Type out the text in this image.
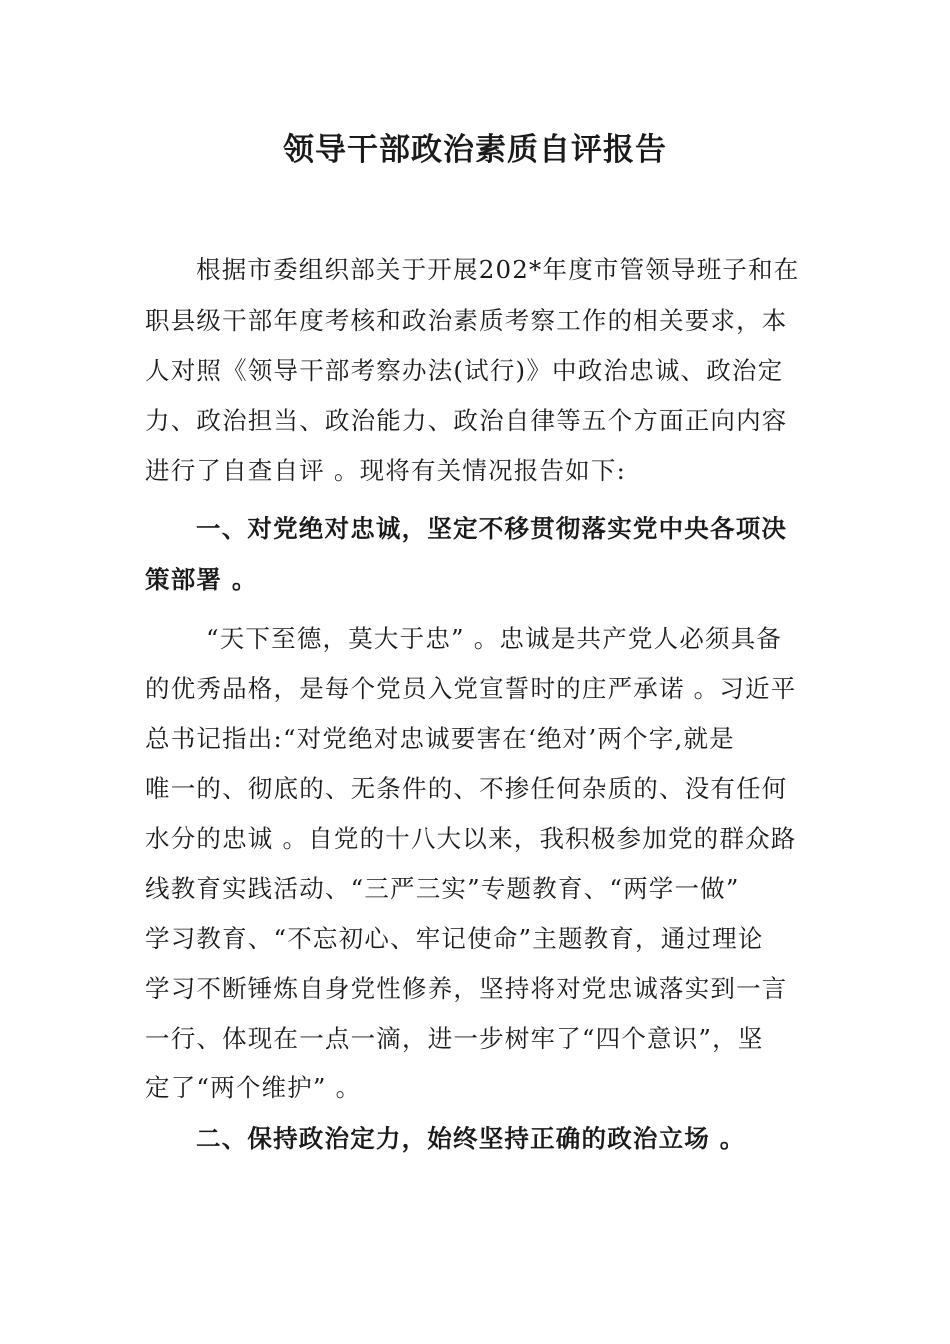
领导干部政治素质自评报告
根据市委组织部关于开展202*年度市管领导班子和在
职县级干部年度考核和政治素质考察工作的相关要求，本
人对照《领导干部考察办法(试行)》中政治忠诚、政治定
力、政治担当、政治能力、政治自律等五个方面正向内容
进行了自查自评 。现将有关情况报告如下:
一、对党绝对忠诚，坚定不移贯彻落实党中央各项决
策部署 。
“天下至德，莫大于忠” 。忠诚是共产党人必须具备
的优秀品格，是每个党员入党宣誓时的庄严承诺 。习近平
总书记指出:“对党绝对忠诚要害在‘绝对’两个字,就是
唯一的、彻底的、无条件的、不掺任何杂质的、没有任何
水分的忠诚 。自党的十八大以来，我积极参加党的群众路
线教育实践活动、“三严三实”专题教育、“两学一做”
学习教育、“不忘初心、牢记使命”主题教育，通过理论
学习不断锤炼自身党性修养，坚持将对党忠诚落实到一言
一行、体现在一点一滴，进一步树牢了“四个意识”，坚
定了“两个维护” 。
二、保持政治定力，始终坚持正确的政治立场 。
